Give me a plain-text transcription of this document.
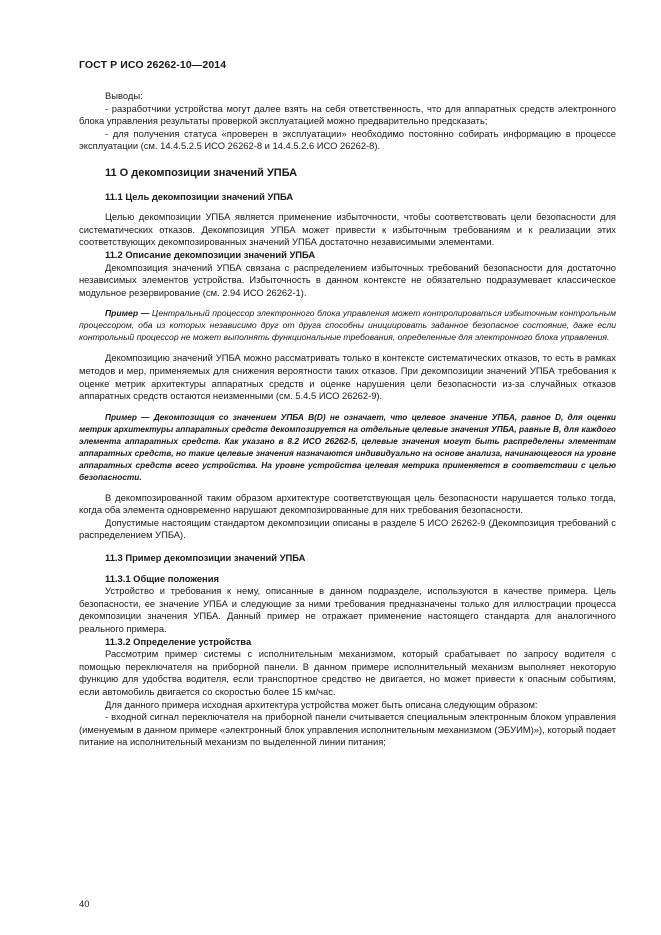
ГОСТ Р ИСО 26262-10—2014

Выводы:

- разработчики устройства могут далее взять на себя ответственность, что для аппаратных средств электронного блока управления результаты проверкой эксплуатацией можно предварительно предсказать;

- для получения статуса «проверен в эксплуатации» необходимо постоянно собирать информацию в процессе эксплуатации (см. 14.4.5.2.5 ИСО 26262-8 и 14.4.5.2.6 ИСО 26262-8).

11 О декомпозиции значений УПБА

11.1 Цель декомпозиции значений УПБА

Целью декомпозиции УПБА является применение избыточности, чтобы соответствовать цели безопасности для систематических отказов. Декомпозиция УПБА может привести к избыточным требованиям и к реализации этих соответствующих декомпозированных значений УПБА достаточно независимыми элементами.

11.2 Описание декомпозиции значений УПБА

Декомпозиция значений УПБА связана с распределением избыточных требований безопасности для достаточно независимых элементов устройства. Избыточность в данном контексте не обязательно подразумевает классическое модульное резервирование (см. 2.94 ИСО 26262-1).

Пример — Центральный процессор электронного блока управления может контролироваться избыточным контрольным процессором, оба из которых независимо друг от друга способны инициировать заданное безопасное состояние, даже если контрольный процессор не может выполнять функциональные требования, определенные для электронного блока управления.

Декомпозицию значений УПБА можно рассматривать только в контексте систематических отказов, то есть в рамках методов и мер, применяемых для снижения вероятности таких отказов. При декомпозиции значений УПБА требования к оценке метрик архитектуры аппаратных средств и оценке нарушения цели безопасности из-за случайных отказов аппаратных средств остаются неизменными (см. 5.4.5 ИСО 26262-9).

Пример — Декомпозиция со значением УПБА B(D) не означает, что целевое значение УПБА, равное D, для оценки метрик архитектуры аппаратных средств декомпозируется на отдельные целевые значения УПБА, равные B, для каждого элемента аппаратных средств. Как указано в 8.2 ИСО 26262-5, целевые значения могут быть распределены элементам аппаратных средств, но такие целевые значения назначаются индивидуально на основе анализа, начинающегося на уровне аппаратных средств всего устройства. На уровне устройства целевая метрика применяется в соответствии с целью безопасности.

В декомпозированной таким образом архитектуре соответствующая цель безопасности нарушается только тогда, когда оба элемента одновременно нарушают декомпозированные для них требования безопасности.

Допустимые настоящим стандартом декомпозиции описаны в разделе 5 ИСО 26262-9 (Декомпозиция требований с распределением УПБА).

11.3 Пример декомпозиции значений УПБА

11.3.1 Общие положения

Устройство и требования к нему, описанные в данном подразделе, используются в качестве примера. Цель безопасности, ее значение УПБА и следующие за ними требования предназначены только для иллюстрации процесса декомпозиции значения УПБА. Данный пример не отражает применение настоящего стандарта для аналогичного реального примера.

11.3.2 Определение устройства

Рассмотрим пример системы с исполнительным механизмом, который срабатывает по запросу водителя с помощью переключателя на приборной панели. В данном примере исполнительный механизм выполняет некоторую функцию для удобства водителя, если транспортное средство не двигается, но может привести к опасным событиям, если автомобиль двигается со скоростью более 15 км/час.

Для данного примера исходная архитектура устройства может быть описана следующим образом:

- входной сигнал переключателя на приборной панели считывается специальным электронным блоком управления (именуемым в данном примере «электронный блок управления исполнительным механизмом (ЭБУИМ)»), который подает питание на исполнительный механизм по выделенной линии питания;

40
